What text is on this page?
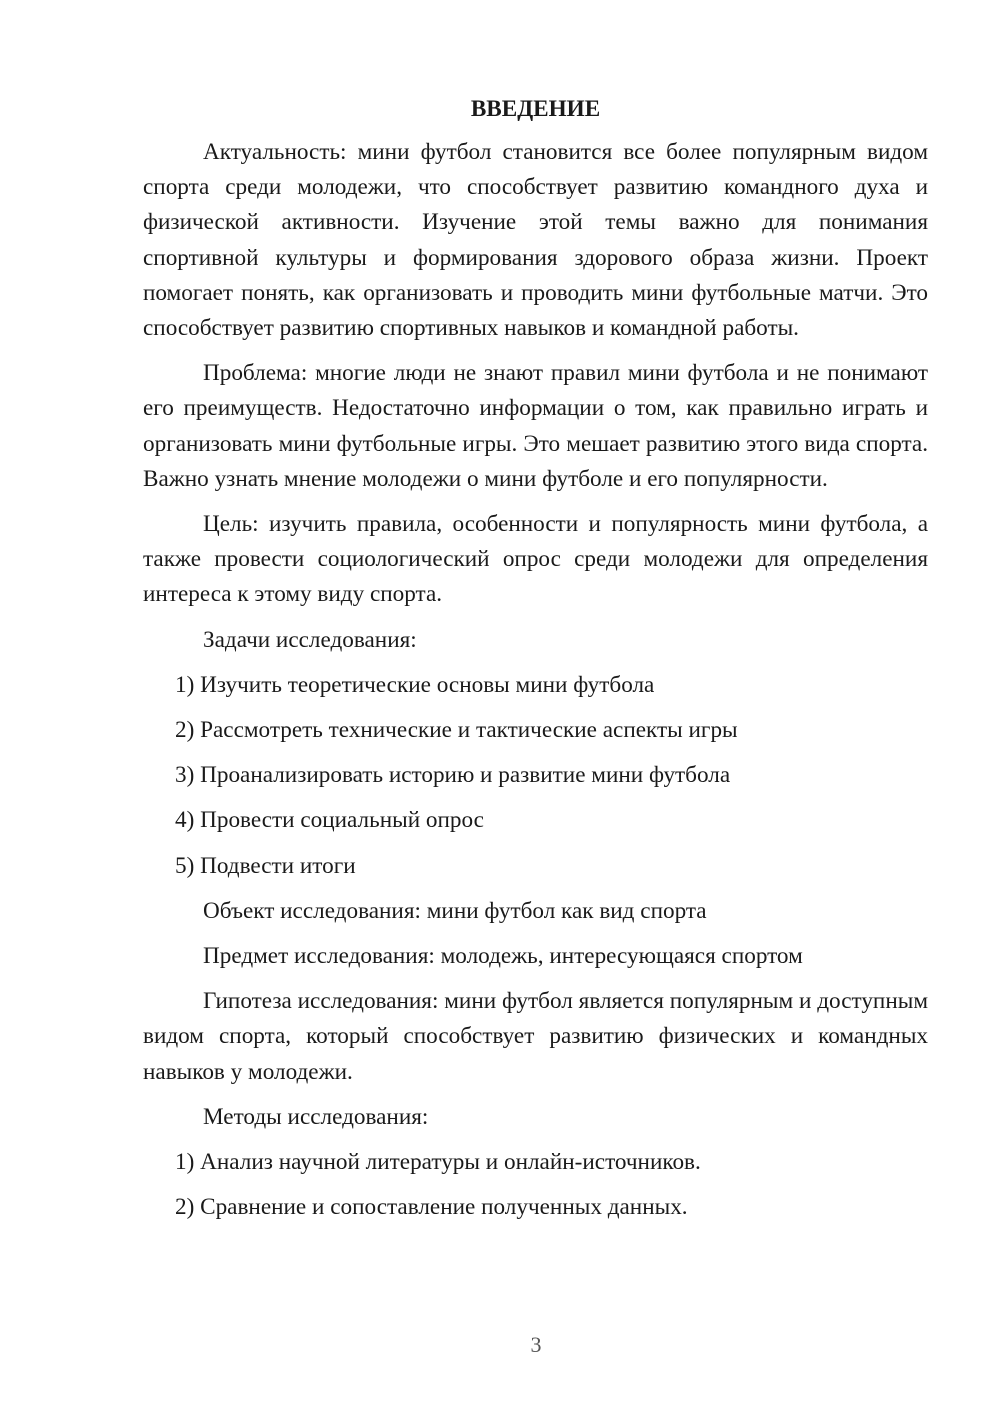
ВВЕДЕНИЕ

Актуальность: мини футбол становится все более популярным видом спорта среди молодежи, что способствует развитию командного духа и физической активности. Изучение этой темы важно для понимания спортивной культуры и формирования здорового образа жизни. Проект помогает понять, как организовать и проводить мини футбольные матчи. Это способствует развитию спортивных навыков и командной работы.

Проблема: многие люди не знают правил мини футбола и не понимают его преимуществ. Недостаточно информации о том, как правильно играть и организовать мини футбольные игры. Это мешает развитию этого вида спорта. Важно узнать мнение молодежи о мини футболе и его популярности.

Цель: изучить правила, особенности и популярность мини футбола, а также провести социологический опрос среди молодежи для определения интереса к этому виду спорта.

Задачи исследования:

1) Изучить теоретические основы мини футбола

2) Рассмотреть технические и тактические аспекты игры

3) Проанализировать историю и развитие мини футбола

4) Провести социальный опрос

5) Подвести итоги

Объект исследования: мини футбол как вид спорта

Предмет исследования: молодежь, интересующаяся спортом

Гипотеза исследования: мини футбол является популярным и доступным видом спорта, который способствует развитию физических и командных навыков у молодежи.

Методы исследования:

1) Анализ научной литературы и онлайн-источников.

2) Сравнение и сопоставление полученных данных.

3
